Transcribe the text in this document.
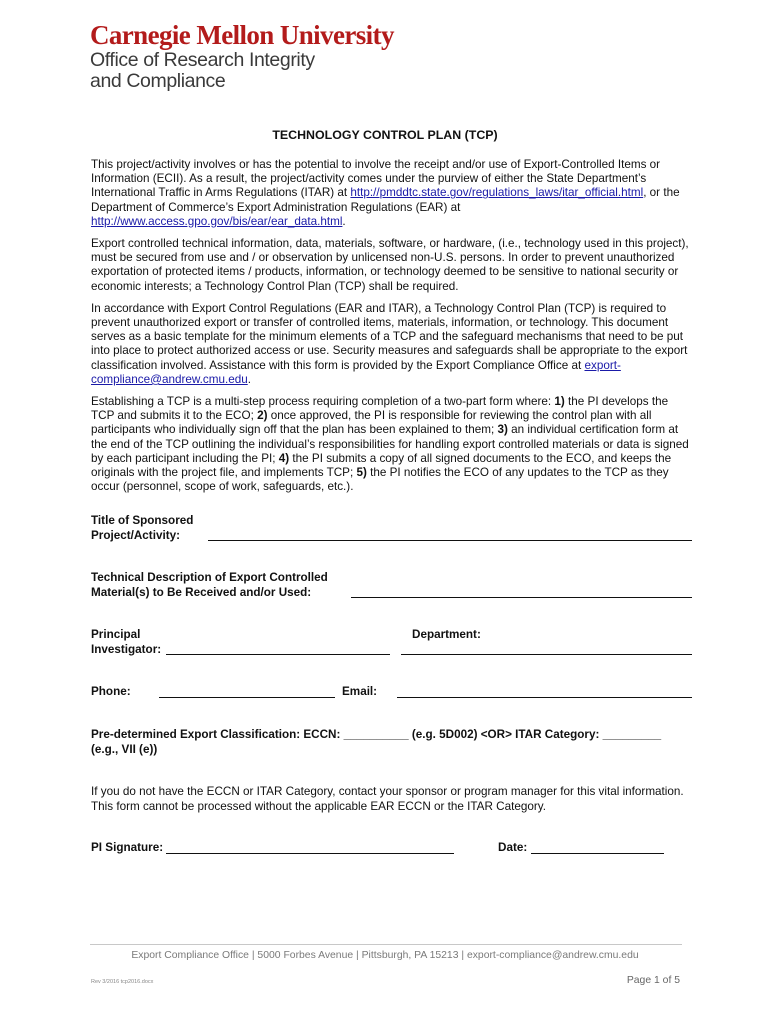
Carnegie Mellon University
Office of Research Integrity
and Compliance
TECHNOLOGY CONTROL PLAN (TCP)

This project/activity involves or has the potential to involve the receipt and/or use of Export-Controlled Items or Information (ECII). As a result, the project/activity comes under the purview of either the State Department’s International Traffic in Arms Regulations (ITAR) at http://pmddtc.state.gov/regulations_laws/itar_official.html, or the Department of Commerce’s Export Administration Regulations (EAR) at http://www.access.gpo.gov/bis/ear/ear_data.html.

Export controlled technical information, data, materials, software, or hardware, (i.e., technology used in this project), must be secured from use and / or observation by unlicensed non-U.S. persons. In order to prevent unauthorized exportation of protected items / products, information, or technology deemed to be sensitive to national security or economic interests; a Technology Control Plan (TCP) shall be required.

In accordance with Export Control Regulations (EAR and ITAR), a Technology Control Plan (TCP) is required to prevent unauthorized export or transfer of controlled items, materials, information, or technology. This document serves as a basic template for the minimum elements of a TCP and the safeguard mechanisms that need to be put into place to protect authorized access or use. Security measures and safeguards shall be appropriate to the export classification involved. Assistance with this form is provided by the Export Compliance Office at export-compliance@andrew.cmu.edu.

Establishing a TCP is a multi-step process requiring completion of a two-part form where: 1) the PI develops the TCP and submits it to the ECO; 2) once approved, the PI is responsible for reviewing the control plan with all participants who individually sign off that the plan has been explained to them; 3) an individual certification form at the end of the TCP outlining the individual’s responsibilities for handling export controlled materials or data is signed by each participant including the PI; 4) the PI submits a copy of all signed documents to the ECO, and keeps the originals with the project file, and implements TCP; 5) the PI notifies the ECO of any updates to the TCP as they occur (personnel, scope of work, safeguards, etc.).

Title of Sponsored
Project/Activity:
Technical Description of Export Controlled
Material(s) to Be Received and/or Used:
Principal
Investigator:
Department:
Phone:	Email:
Pre-determined Export Classification: ECCN: __________ (e.g. 5D002) <OR> ITAR Category: _________
(e.g., VII (e))
If you do not have the ECCN or ITAR Category, contact your sponsor or program manager for this vital information. This form cannot be processed without the applicable EAR ECCN or the ITAR Category.
PI Signature:	Date:
Export Compliance Office | 5000 Forbes Avenue | Pittsburgh, PA 15213 | export-compliance@andrew.cmu.edu
Rev 3/2016 tcp2016.docx	Page 1 of 5
